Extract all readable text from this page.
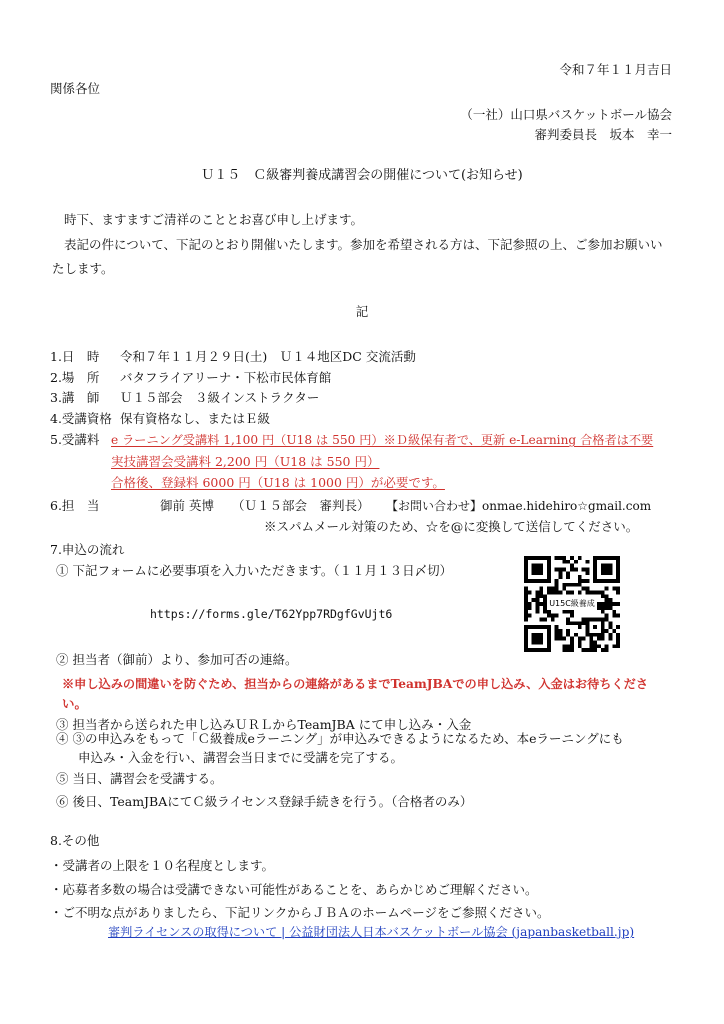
令和７年１１月吉日
関係各位
（一社）山口県バスケットボール協会
審判委員長　坂本　幸一
Ｕ１５　Ｃ級審判養成講習会の開催について(お知らせ)
時下、ますますご清祥のこととお喜び申し上げます。
表記の件について、下記のとおり開催いたします。参加を希望される方は、下記参照の上、ご参加お願いい
たします。
記
1.日　時 令和７年１１月２９日(土)　Ｕ１４地区DC 交流活動
2.場　所 バタフライアリーナ・下松市民体育館
3.講　師 Ｕ１５部会　３級インストラクター
4.受講資格 保有資格なし、またはＥ級
5.受講料 e ラーニング受講料 1,100 円（U18 は 550 円）※Ｄ級保有者で、更新 e-Learning 合格者は不要
実技講習会受講料 2,200 円（U18 は 550 円）
合格後、登録料 6000 円（U18 は 1000 円）が必要です。
6.担　当	御前 英博 （Ｕ１５部会　審判長） 【お問い合わせ】onmae.hidehiro☆gmail.com
※スパムメール対策のため、☆を@に変換して送信してください。
7.申込の流れ
① 下記フォームに必要事項を入力いただきます。（１１月１３日〆切）
https://forms.gle/T62Ypp7RDgfGvUjt6
U15C級養成
② 担当者（御前）より、参加可否の連絡。
※申し込みの間違いを防ぐため、担当からの連絡があるまでTeamJBAでの申し込み、入金はお待ちくださ
い。
③ 担当者から送られた申し込みＵＲＬからTeamJBA にて申し込み・入金
④ ③の申込みをもって「Ｃ級養成eラーニング」が申込みできるようになるため、本eラーニングにも
申込み・入金を行い、講習会当日までに受講を完了する。
⑤ 当日、講習会を受講する。
⑥ 後日、TeamJBAにてＣ級ライセンス登録手続きを行う。（合格者のみ）
8.その他
・受講者の上限を１０名程度とします。
・応募者多数の場合は受講できない可能性があることを、あらかじめご理解ください。
・ご不明な点がありましたら、下記リンクからＪＢＡのホームページをご参照ください。
審判ライセンスの取得について | 公益財団法人日本バスケットボール協会 (japanbasketball.jp)
